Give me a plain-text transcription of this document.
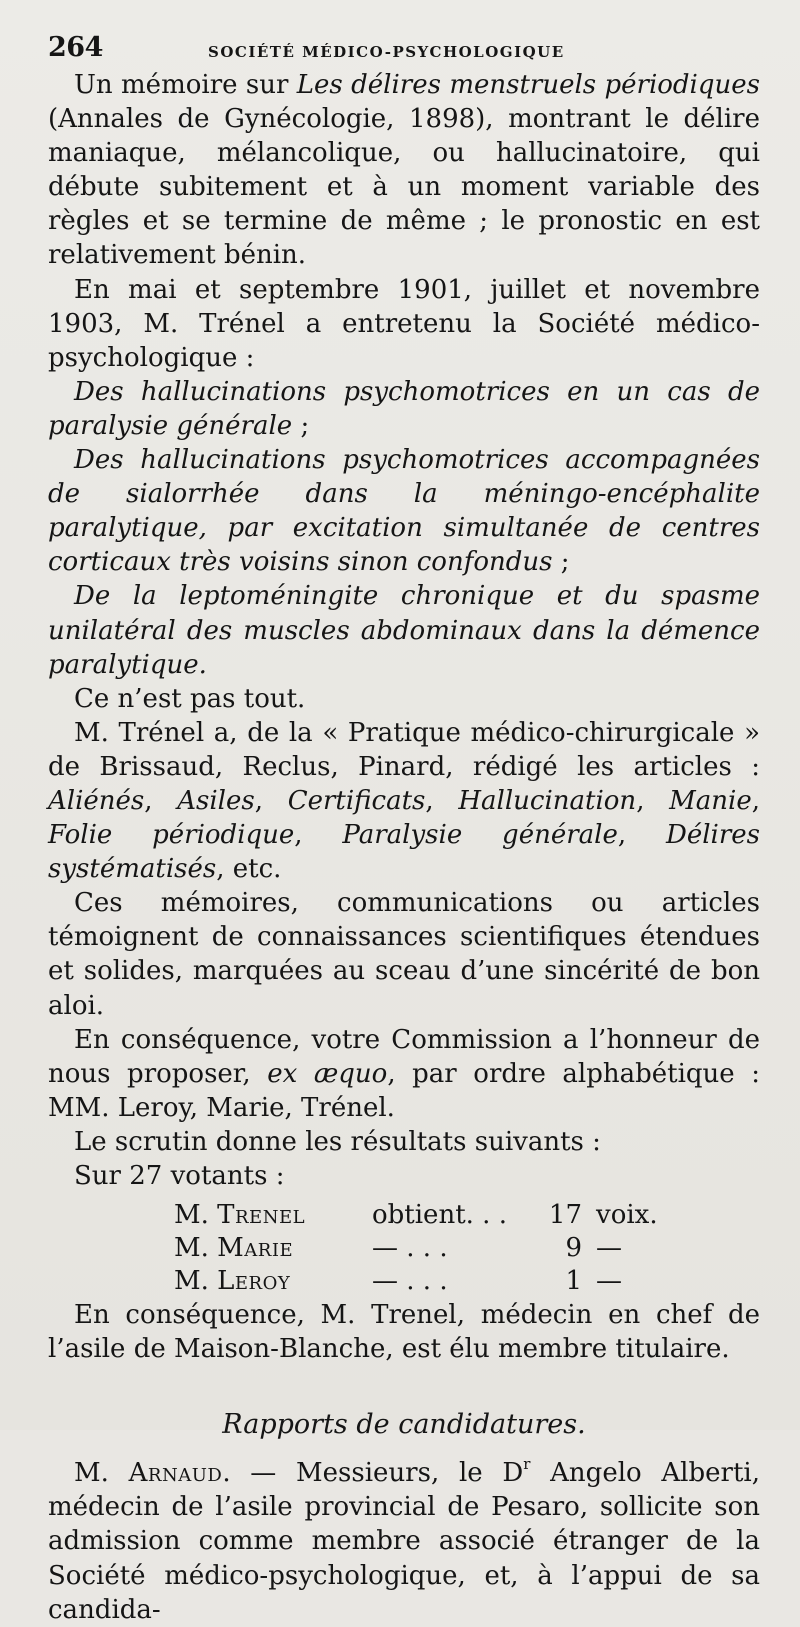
264	SOCIÉTÉ MÉDICO-PSYCHOLOGIQUE

Un mémoire sur Les délires menstruels périodiques (Annales de Gynécologie, 1898), montrant le délire maniaque, mélancolique, ou hallucinatoire, qui débute subitement et à un moment variable des règles et se termine de même ; le pronostic en est relativement bénin.

En mai et septembre 1901, juillet et novembre 1903, M. Trénel a entretenu la Société médico-psychologique :

Des hallucinations psychomotrices en un cas de paralysie générale ;

Des hallucinations psychomotrices accompagnées de sialorrhée dans la méningo-encéphalite paralytique, par excitation simultanée de centres corticaux très voisins sinon confondus ;

De la leptoméningite chronique et du spasme unilatéral des muscles abdominaux dans la démence paralytique.

Ce n’est pas tout.

M. Trénel a, de la « Pratique médico-chirurgicale » de Brissaud, Reclus, Pinard, rédigé les articles : Aliénés, Asiles, Certificats, Hallucination, Manie, Folie périodique, Paralysie générale, Délires systématisés, etc.

Ces mémoires, communications ou articles témoignent de connaissances scientifiques étendues et solides, marquées au sceau d’une sincérité de bon aloi.

En conséquence, votre Commission a l’honneur de nous proposer, ex æquo, par ordre alphabétique : MM. Leroy, Marie, Trénel.

Le scrutin donne les résultats suivants :

Sur 27 votants :

M. Trenel	obtient. . .	17 voix.
M. Marie	— . . .	9 —
M. Leroy	— . . .	1 —

En conséquence, M. Trenel, médecin en chef de l’asile de Maison-Blanche, est élu membre titulaire.

Rapports de candidatures.

M. Arnaud. — Messieurs, le $D^r$ Angelo Alberti, médecin de l’asile provincial de Pesaro, sollicite son admission comme membre associé étranger de la Société médico-psychologique, et, à l’appui de sa candida-
